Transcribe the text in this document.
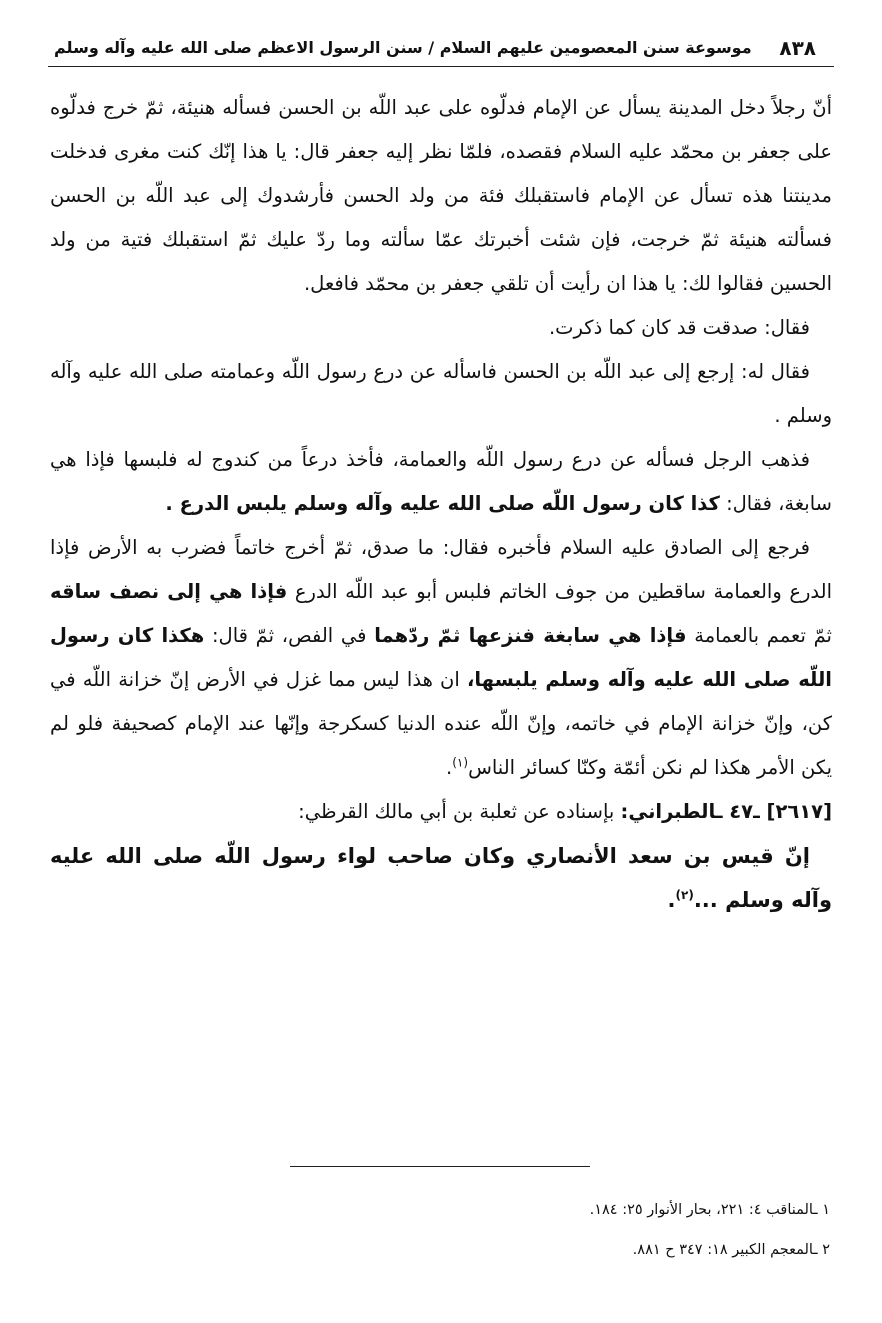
٨٣٨
موسوعة سنن المعصومين عليهم السلام / سنن الرسول الاعظم صلى الله عليه وآله وسلم

أنّ رجلاً دخل المدينة يسأل عن الإمام فدلّوه على عبد اللّه بن الحسن فسأله هنيئة، ثمّ خرج فدلّوه على جعفر بن محمّد عليه السلام فقصده، فلمّا نظر إليه جعفر قال: يا هذا إنّك كنت مغرى فدخلت مدينتنا هذه تسأل عن الإمام فاستقبلك فئة من ولد الحسن فأرشدوك إلى عبد اللّه بن الحسن فسألته هنيئة ثمّ خرجت، فإن شئت أخبرتك عمّا سألته وما ردّ عليك ثمّ استقبلك فتية من ولد الحسين فقالوا لك: يا هذا ان رأيت أن تلقي جعفر بن محمّد فافعل.

فقال: صدقت قد كان كما ذكرت.

فقال له: إرجع إلى عبد اللّه بن الحسن فاسأله عن درع رسول اللّه وعمامته صلى الله عليه وآله وسلم .

فذهب الرجل فسأله عن درع رسول اللّه والعمامة، فأخذ درعاً من كندوج له فلبسها فإذا هي سابغة، فقال: كذا كان رسول اللّه صلى الله عليه وآله وسلم يلبس الدرع .

فرجع إلى الصادق عليه السلام فأخبره فقال: ما صدق، ثمّ أخرج خاتماً فضرب به الأرض فإذا الدرع والعمامة ساقطين من جوف الخاتم فلبس أبو عبد اللّه الدرع فإذا هي إلى نصف ساقه ثمّ تعمم بالعمامة فإذا هي سابغة فنزعها ثمّ ردّهما في الفص، ثمّ قال: هكذا كان رسول اللّه صلى الله عليه وآله وسلم يلبسها، ان هذا ليس مما غزل في الأرض إنّ خزانة اللّه في كن، وإنّ خزانة الإمام في خاتمه، وإنّ اللّه عنده الدنيا كسكرجة وإنّها عند الإمام كصحيفة فلو لم يكن الأمر هكذا لم نكن أئمّة وكنّا كسائر الناس$^{(١)}$.

[٢٦١٧] ـ٤٧ ـالطبراني: بإسناده عن ثعلبة بن أبي مالك القرظي:

إنّ قيس بن سعد الأنصاري وكان صاحب لواء رسول اللّه صلى الله عليه وآله وسلم ...$^{(٢)}$.

١ ـالمناقب ٤: ٢٢١، بحار الأنوار ٢٥: ١٨٤.
٢ ـالمعجم الكبير ١٨: ٣٤٧ ح ٨٨١.
